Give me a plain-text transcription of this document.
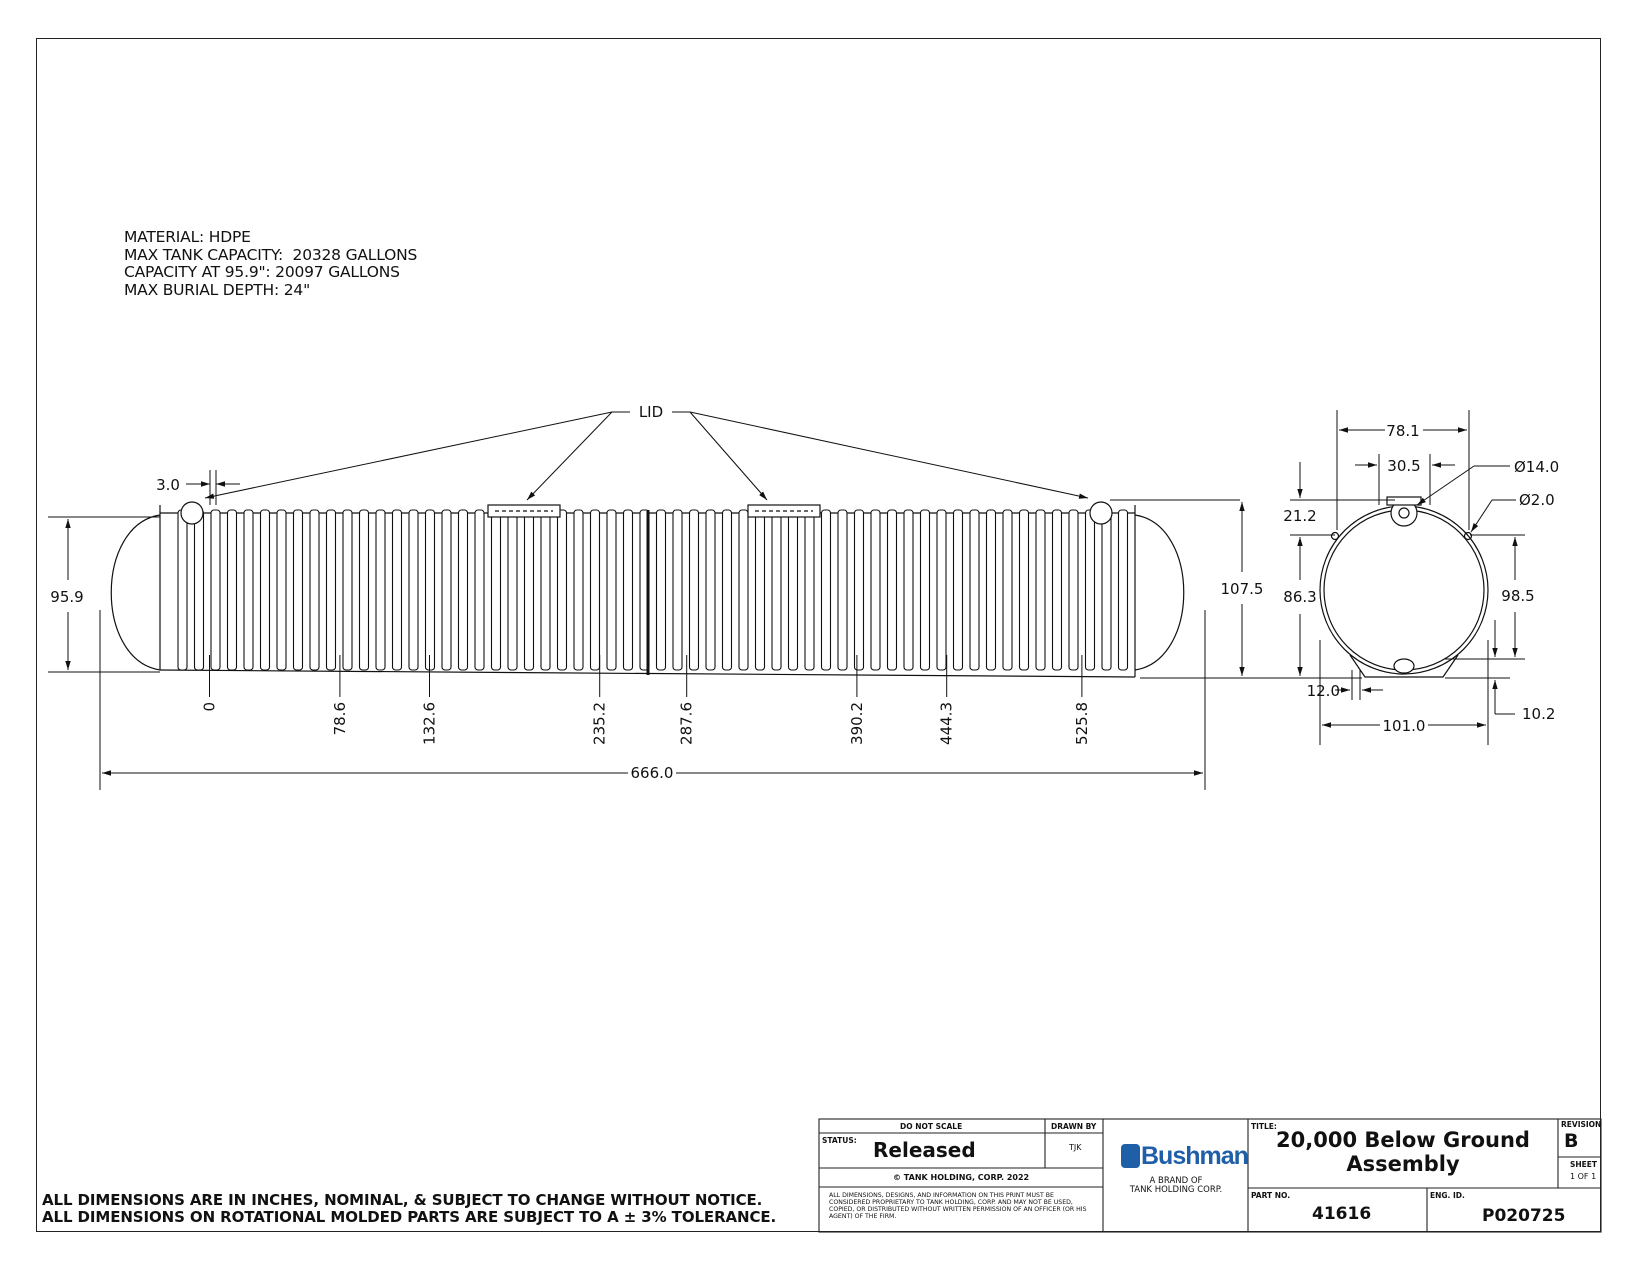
MATERIAL: HDPE
MAX TANK CAPACITY:  20328 GALLONS
CAPACITY AT 95.9": 20097 GALLONS
MAX BURIAL DEPTH: 24"
LID
3.0
95.9	107.5
0	78.6	132.6	235.2	287.6	390.2	444.3	525.8
666.0
78.1
30.5	Ø14.0
Ø2.0
21.2
86.3	98.5
12.0
10.2
101.0
ALL DIMENSIONS ARE IN INCHES, NOMINAL, & SUBJECT TO CHANGE WITHOUT NOTICE.
ALL DIMENSIONS ON ROTATIONAL MOLDED PARTS ARE SUBJECT TO A ± 3% TOLERANCE.
DO NOT SCALE	DRAWN BY
STATUS: Released	TJK
© TANK HOLDING, CORP. 2022
ALL DIMENSIONS, DESIGNS, AND INFORMATION ON THIS PRINT MUST BE CONSIDERED PROPRIETARY TO TANK HOLDING, CORP. AND MAY NOT BE USED, COPIED, OR DISTRIBUTED WITHOUT WRITTEN PERMISSION OF AN OFFICER (OR HIS AGENT) OF THE FIRM.
Bushman
A BRAND OF
TANK HOLDING CORP.
TITLE:
20,000 Below Ground
Assembly
REVISION
B
SHEET
1 OF 1
PART NO.
41616
ENG. ID.
P020725
